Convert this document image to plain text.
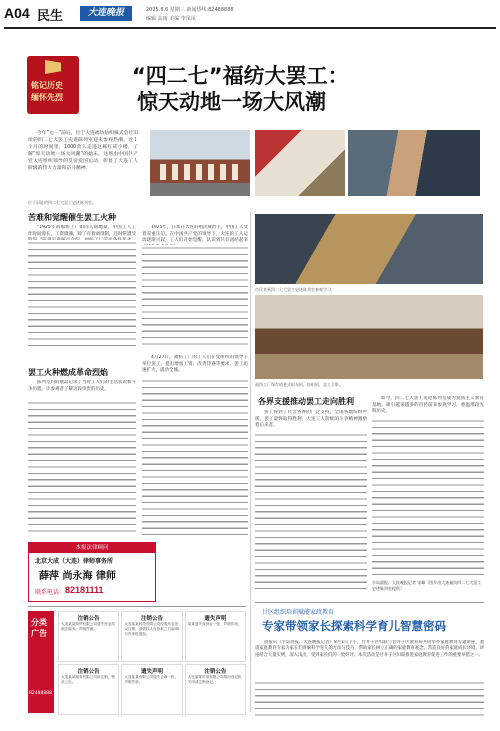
A04 民生	大连晚报	2025.8.6 星期三 新闻热线:82488888
编辑 高雨 美编 李凤凤
铭记历史
缅怀先烈
“四二七”福纺大罢工：
惊天动地一场大风潮
今年“七一”前后，位于大连福纺纺织株式会社旧址的四二七大罢工史迹陈列室迎来参观热潮。近１个月的时间里，1000余人走进这栋红砖小楼，了解“惊天动地一场大风潮”的始末。这场由中国共产党大连组织领导的反帝爱国运动，彰显了大连工人阶级的伟大力量和奋斗精神。
位于旧址的四二七大罢工史迹陈列室。
苦难和觉醒催生罢工火种
“1925年的福纺工厂如同人间地狱，中国工人工作时间漫长，工资微薄，除了有着剥削制，还时常遭受
1925年，日本在大连的殖民统治下，中国工人受着双重压迫。在中国共产党的领导下，大连的工人运动逐渐兴起，工人们开始觉醒，认识到只有团结起来
市民来到四二七大罢工史迹陈列室参观学习。
福纺工厂保存的老式织布机、纺织机、罢工合影。
罢工火种燃成革命烈焰
陈列室内的展品记录了当时工人们的生活状况和斗争历程，让参观者了解这段珍贵的历史。
4月27日，福纺工厂的工人们在党组织的领导下举行罢工，提出增加工资、改善待遇等要求，罢工迅速扩大，震动全城。
各界支援推动罢工走向胜利
罢工得到了社会各界的广泛支持，全国各地纷纷声援，罢工最终取得胜利，大连工人阶级的斗争精神激励着后来者。
如今，四二七大罢工史迹陈列室成为爱国主义教育基地，吸引越来越多的市民前来参观学习，重温那段光辉历史。
半岛晨报、大连晚报记者 宋峰（图片由大连福纺四二七大罢工史迹陈列室提供）
本报法律顾问
北京大成（大连）律师事务所
薛萍 尚永海 律师
联系电话： 82181111
分类广告
82488888
注销公告
大连某某商贸有限公司遗失营业执照正副本，声明作废。
注销公告
大连某某科技有限公司经股东会决议注销，请债权人自登报之日起45日内申报债权。
遗失声明
某某遗失身份证一张，声明作废。
注销公告
大连某某服务有限公司拟注销，特此公告。
遗失声明
大连某某有限公司遗失公章一枚，声明作废。
注销公告
大连某某贸易有限公司拟向登记机关申请注销登记。
甘区组织培训赋能家政教育
专家带领家长探索科学育儿智慧密码
晨报讯（半岛晨报、大连晚报记者）8月1日下午，甘井子区妇联与甘井子区教育局共同举办家庭教育专题讲座，邀请家庭教育专家为家长们讲解科学育儿的方法与技巧，帮助家长树立正确的家庭教育观念，营造良好的家庭成长环境。讲座结合大量实例，深入浅出，受到家长们的一致好评。本次活动是甘井子区妇联推进家庭教育促进工作的重要举措之一。
